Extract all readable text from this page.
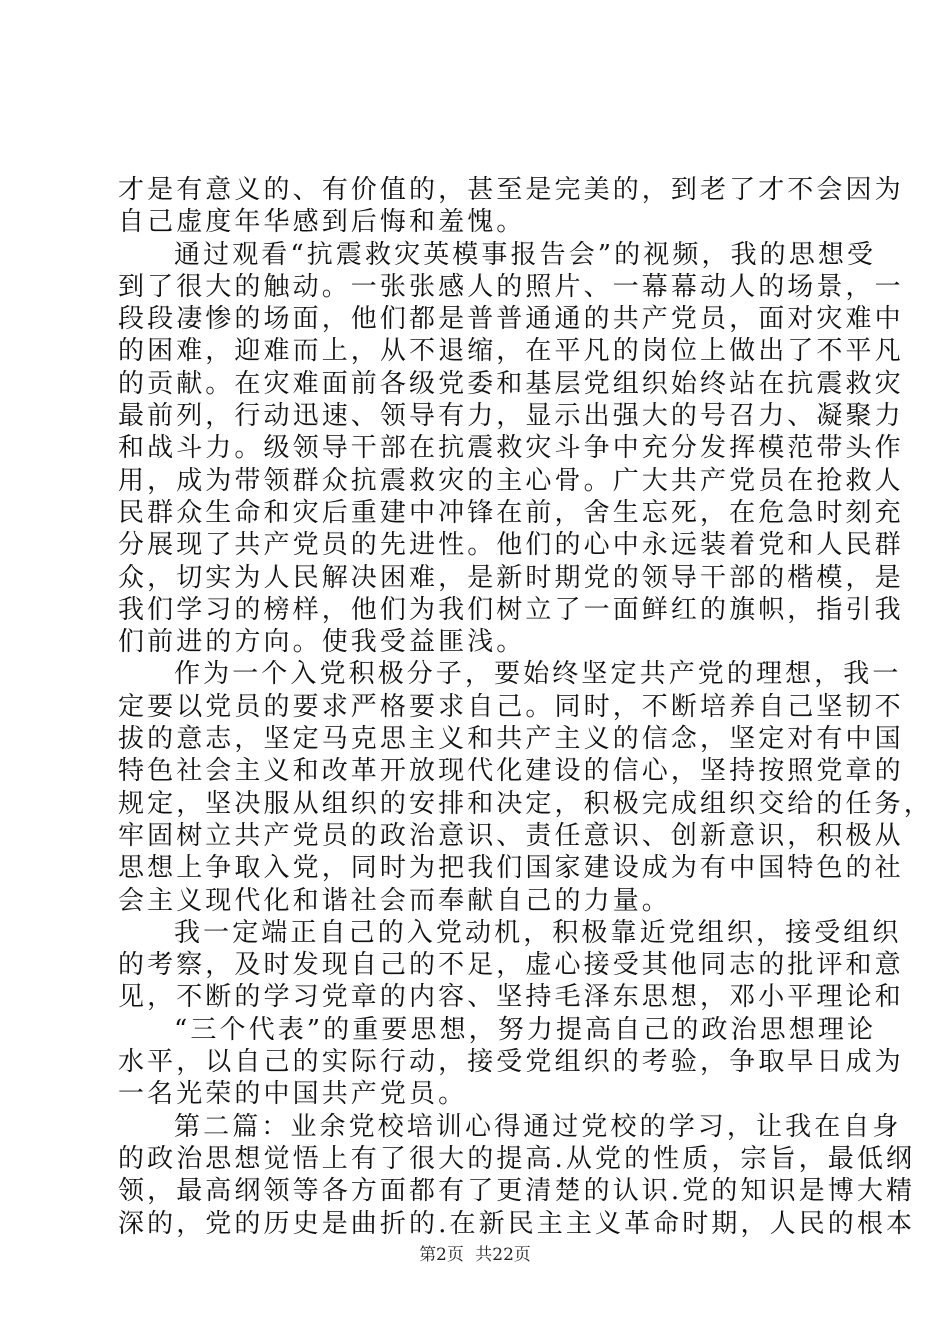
才是有意义的、有价值的，甚至是完美的，到老了才不会因为
自己虚度年华感到后悔和羞愧。
通过观看“抗震救灾英模事报告会”的视频，我的思想受
到了很大的触动。一张张感人的照片、一幕幕动人的场景，一
段段凄惨的场面，他们都是普普通通的共产党员，面对灾难中
的困难，迎难而上，从不退缩，在平凡的岗位上做出了不平凡
的贡献。在灾难面前各级党委和基层党组织始终站在抗震救灾
最前列，行动迅速、领导有力，显示出强大的号召力、凝聚力
和战斗力。级领导干部在抗震救灾斗争中充分发挥模范带头作
用，成为带领群众抗震救灾的主心骨。广大共产党员在抢救人
民群众生命和灾后重建中冲锋在前，舍生忘死，在危急时刻充
分展现了共产党员的先进性。他们的心中永远装着党和人民群
众，切实为人民解决困难，是新时期党的领导干部的楷模，是
我们学习的榜样，他们为我们树立了一面鲜红的旗帜，指引我
们前进的方向。使我受益匪浅。
作为一个入党积极分子，要始终坚定共产党的理想，我一
定要以党员的要求严格要求自己。同时，不断培养自己坚韧不
拔的意志，坚定马克思主义和共产主义的信念，坚定对有中国
特色社会主义和改革开放现代化建设的信心，坚持按照党章的
规定，坚决服从组织的安排和决定，积极完成组织交给的任务，
牢固树立共产党员的政治意识、责任意识、创新意识，积极从
思想上争取入党，同时为把我们国家建设成为有中国特色的社
会主义现代化和谐社会而奉献自己的力量。
我一定端正自己的入党动机，积极靠近党组织，接受组织
的考察，及时发现自己的不足，虚心接受其他同志的批评和意
见，不断的学习党章的内容、坚持毛泽东思想，邓小平理论和
“三个代表”的重要思想，努力提高自己的政治思想理论
水平，以自己的实际行动，接受党组织的考验，争取早日成为
一名光荣的中国共产党员。
第二篇：业余党校培训心得通过党校的学习，让我在自身
的政治思想觉悟上有了很大的提高.从党的性质，宗旨，最低纲
领，最高纲领等各方面都有了更清楚的认识.党的知识是博大精
深的，党的历史是曲折的.在新民主主义革命时期，人民的根本
第2页 共22页
